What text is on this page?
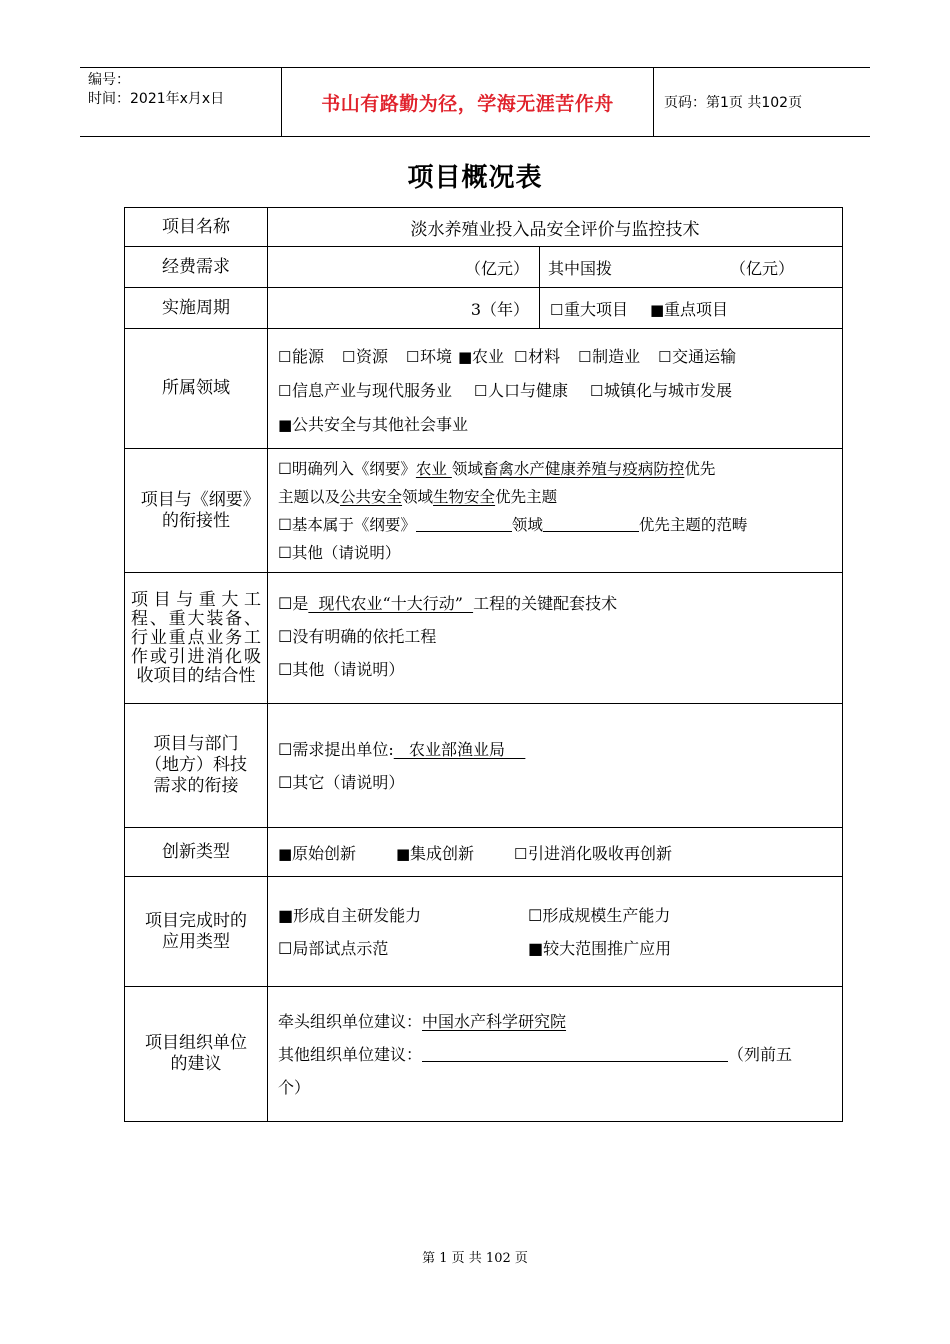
编号：
时间：2021年x月x日	书山有路勤为径，学海无涯苦作舟	页码：第1页 共102页
项目概况表
项目名称	淡水养殖业投入品安全评价与监控技术
经费需求	（亿元） 其中国拨 （亿元）

实施周期	3（年） ☐重大项目 ■重点项目

所属领域	☐能源 ☐资源 ☐环境 ■农业 ☐材料 ☐制造业 ☐交通运输
☐信息产业与现代服务业 ☐人口与健康 ☐城镇化与城市发展
■公共安全与其他社会事业

项目与《纲要》的衔接性	☐明确列入《纲要》农业 领域畜禽水产健康养殖与疫病防控优先
主题以及公共安全领域生物安全优先主题
☐基本属于《纲要》 领域 优先主题的范畴
☐其他（请说明）

项目与重大工程、重大装备、行业重点业务工作或引进消化吸收项目的结合性	☐是  现代农业“十大行动”  工程的关键配套技术
☐没有明确的依托工程
☐其他（请说明）

项目与部门（地方）科技需求的衔接	☐需求提出单位:   农业部渔业局
☐其它（请说明）

创新类型	■原始创新 ■集成创新 ☐引进消化吸收再创新
项目完成时的应用类型	■形成自主研发能力 ☐形成规模生产能力
☐局部试点示范 ■较大范围推广应用

项目组织单位的建议	牵头组织单位建议：中国水产科学研究院
其他组织单位建议： （列前五
个）
第 1 页 共 102 页
